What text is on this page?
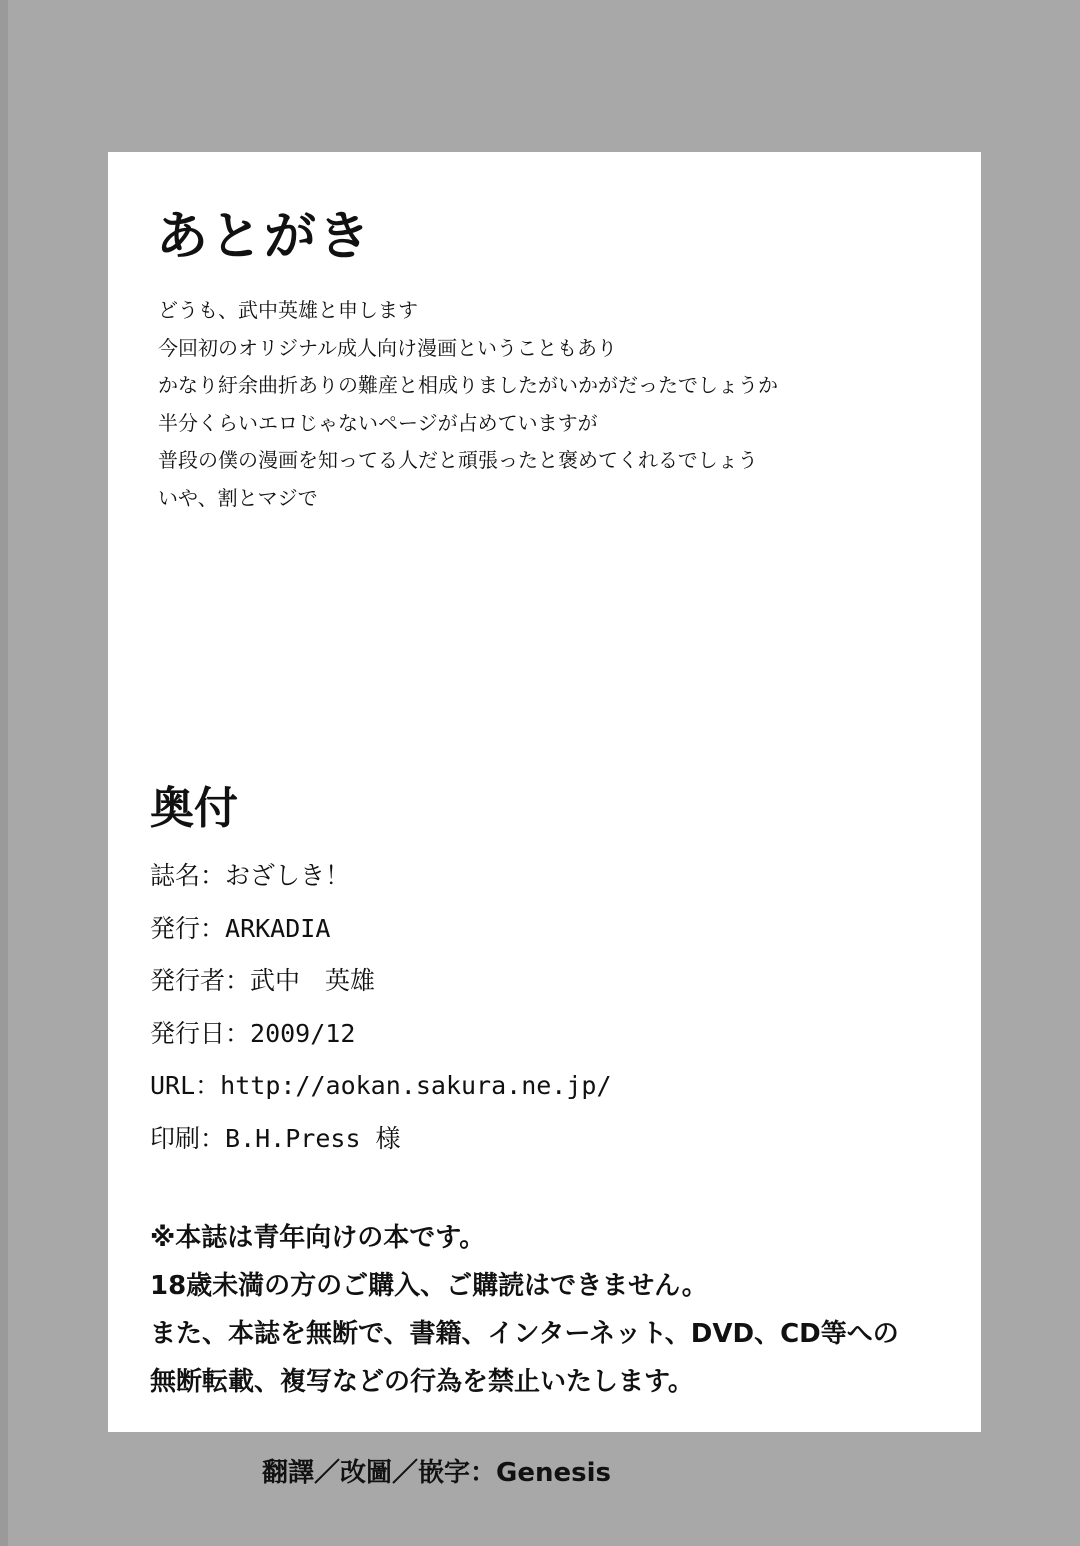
あとがき
どうも、武中英雄と申します
今回初のオリジナル成人向け漫画ということもあり
かなり紆余曲折ありの難産と相成りましたがいかがだったでしょうか
半分くらいエロじゃないページが占めていますが
普段の僕の漫画を知ってる人だと頑張ったと褒めてくれるでしょう
いや、割とマジで
奥付
誌名：おざしき！
発行：ARKADIA
発行者：武中　英雄
発行日：2009/12
URL：http://aokan.sakura.ne.jp/
印刷：B.H.Press 様
※本誌は青年向けの本です。
18歳未満の方のご購入、ご購読はできません。
また、本誌を無断で、書籍、インターネット、DVD、CD等への
無断転載、複写などの行為を禁止いたします。
翻譯／改圖／嵌字：Genesis
